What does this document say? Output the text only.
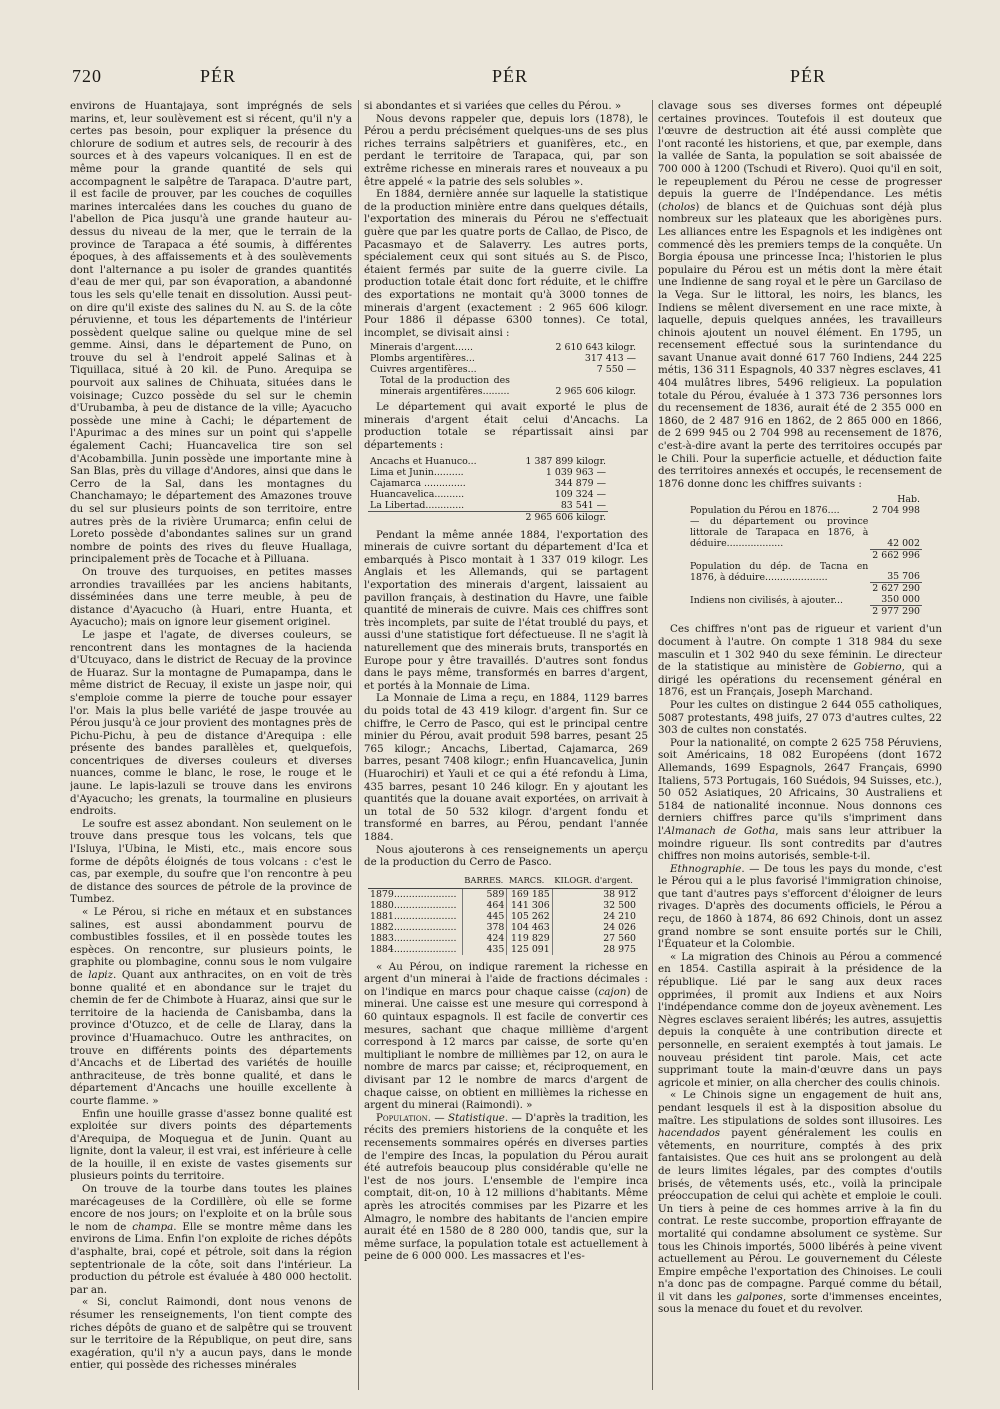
720	PÉR	PÉR	PÉR

environs de Huantajaya, sont imprégnés de sels marins, et, leur soulèvement est si récent, qu'il n'y a certes pas besoin, pour expliquer la présence du chlorure de sodium et autres sels, de recourir à des sources et à des vapeurs volcaniques. Il en est de même pour la grande quantité de sels qui accompagnent le salpêtre de Tarapaca. D'autre part, il est facile de prouver, par les couches de coquilles marines intercalées dans les couches du guano de l'abellon de Pica jusqu'à une grande hauteur au-dessus du niveau de la mer, que le terrain de la province de Tarapaca a été soumis, à différentes époques, à des affaissements et à des soulèvements dont l'alternance a pu isoler de grandes quantités d'eau de mer qui, par son évaporation, a abandonné tous les sels qu'elle tenait en dissolution. Aussi peut-on dire qu'il existe des salines du N. au S. de la côte péruvienne, et tous les départements de l'intérieur possèdent quelque saline ou quelque mine de sel gemme. Ainsi, dans le département de Puno, on trouve du sel à l'endroit appelé Salinas et à Tiquillaca, situé à 20 kil. de Puno. Arequipa se pourvoit aux salines de Chihuata, situées dans le voisinage; Cuzco possède du sel sur le chemin d'Urubamba, à peu de distance de la ville; Ayacucho possède une mine à Cachi; le département de l'Apurimac a des mines sur un point qui s'appelle également Cachi; Huancavelica tire son sel d'Acobambilla. Junin possède une importante mine à San Blas, près du village d'Andores, ainsi que dans le Cerro de la Sal, dans les montagnes du Chanchamayo; le département des Amazones trouve du sel sur plusieurs points de son territoire, entre autres près de la rivière Urumarca; enfin celui de Loreto possède d'abondantes salines sur un grand nombre de points des rives du fleuve Huallaga, principalement près de Tocache et à Pilluana.

On trouve des turquoises, en petites masses arrondies travaillées par les anciens habitants, disséminées dans une terre meuble, à peu de distance d'Ayacucho (à Huari, entre Huanta, et Ayacucho); mais on ignore leur gisement originel.

Le jaspe et l'agate, de diverses couleurs, se rencontrent dans les montagnes de la hacienda d'Utcuyaco, dans le district de Recuay de la province de Huaraz. Sur la montagne de Pumapampa, dans le même district de Recuay, il existe un jaspe noir, qui s'emploie comme la pierre de touche pour essayer l'or. Mais la plus belle variété de jaspe trouvée au Pérou jusqu'à ce jour provient des montagnes près de Pichu-Pichu, à peu de distance d'Arequipa : elle présente des bandes parallèles et, quelquefois, concentriques de diverses couleurs et diverses nuances, comme le blanc, le rose, le rouge et le jaune. Le lapis-lazuli se trouve dans les environs d'Ayacucho; les grenats, la tourmaline en plusieurs endroits.

Le soufre est assez abondant. Non seulement on le trouve dans presque tous les volcans, tels que l'Isluya, l'Ubina, le Misti, etc., mais encore sous forme de dépôts éloignés de tous volcans : c'est le cas, par exemple, du soufre que l'on rencontre à peu de distance des sources de pétrole de la province de Tumbez.

« Le Pérou, si riche en métaux et en substances salines, est aussi abondamment pourvu de combustibles fossiles, et il en possède toutes les espèces. On rencontre, sur plusieurs points, le graphite ou plombagine, connu sous le nom vulgaire de lapiz. Quant aux anthracites, on en voit de très bonne qualité et en abondance sur le trajet du chemin de fer de Chimbote à Huaraz, ainsi que sur le territoire de la hacienda de Canisbamba, dans la province d'Otuzco, et de celle de Llaray, dans la province d'Huamachuco. Outre les anthracites, on trouve en différents points des départements d'Ancachs et de Libertad des variétés de houille anthraciteuse, de très bonne qualité, et dans le département d'Ancachs une houille excellente à courte flamme. »

Enfin une houille grasse d'assez bonne qualité est exploitée sur divers points des départements d'Arequipa, de Moquegua et de Junin. Quant au lignite, dont la valeur, il est vrai, est inférieure à celle de la houille, il en existe de vastes gisements sur plusieurs points du territoire.

On trouve de la tourbe dans toutes les plaines marécageuses de la Cordillère, où elle se forme encore de nos jours; on l'exploite et on la brûle sous le nom de champa. Elle se montre même dans les environs de Lima. Enfin l'on exploite de riches dépôts d'asphalte, brai, copé et pétrole, soit dans la région septentrionale de la côte, soit dans l'intérieur. La production du pétrole est évaluée à 480 000 hectolit. par an.

« Si, conclut Raimondi, dont nous venons de résumer les renseignements, l'on tient compte des riches dépôts de guano et de salpêtre qui se trouvent sur le territoire de la République, on peut dire, sans exagération, qu'il n'y a aucun pays, dans le monde entier, qui possède des richesses minérales

si abondantes et si variées que celles du Pérou. »

Nous devons rappeler que, depuis lors (1878), le Pérou a perdu précisément quelques-uns de ses plus riches terrains salpêtriers et guanifères, etc., en perdant le territoire de Tarapaca, qui, par son extrême richesse en minerais rares et nouveaux a pu être appelé « la patrie des sels solubles ».

En 1884, dernière année sur laquelle la statistique de la production minière entre dans quelques détails, l'exportation des minerais du Pérou ne s'effectuait guère que par les quatre ports de Callao, de Pisco, de Pacasmayo et de Salaverry. Les autres ports, spécialement ceux qui sont situés au S. de Pisco, étaient fermés par suite de la guerre civile. La production totale était donc fort réduite, et le chiffre des exportations ne montait qu'à 3000 tonnes de minerais d'argent (exactement : 2 965 606 kilogr. Pour 1886 il dépasse 6300 tonnes). Ce total, incomplet, se divisait ainsi :

Minerais d'argent......	2 610 643 kilogr.
Plombs argentifères...	317 413 —
Cuivres argentifères...	7 550 —
Total de la production des minerais argentifères.........	2 965 606 kilogr.

Le département qui avait exporté le plus de minerais d'argent était celui d'Ancachs. La production totale se répartissait ainsi par départements :

Ancachs et Huanuco...	1 387 899 kilogr.
Lima et Junin..........	1 039 963 —
Cajamarca ..............	344 879 —
Huancavelica..........	109 324 —
La Libertad.............	83 541 —
	2 965 606 kilogr.

Pendant la même année 1884, l'exportation des minerais de cuivre sortant du département d'Ica et embarqués à Pisco montait à 1 337 019 kilogr. Les Anglais et les Allemands, qui se partagent l'exportation des minerais d'argent, laissaient au pavillon français, à destination du Havre, une faible quantité de minerais de cuivre. Mais ces chiffres sont très incomplets, par suite de l'état troublé du pays, et aussi d'une statistique fort défectueuse. Il ne s'agit là naturellement que des minerais bruts, transportés en Europe pour y être travaillés. D'autres sont fondus dans le pays même, transformés en barres d'argent, et portés à la Monnaie de Lima.

La Monnaie de Lima a reçu, en 1884, 1129 barres du poids total de 43 419 kilogr. d'argent fin. Sur ce chiffre, le Cerro de Pasco, qui est le principal centre minier du Pérou, avait produit 598 barres, pesant 25 765 kilogr.; Ancachs, Libertad, Cajamarca, 269 barres, pesant 7408 kilogr.; enfin Huancavelica, Junin (Huarochiri) et Yauli et ce qui a été refondu à Lima, 435 barres, pesant 10 246 kilogr. En y ajoutant les quantités que la douane avait exportées, on arrivait à un total de 50 532 kilogr. d'argent fondu et transformé en barres, au Pérou, pendant l'année 1884.

Nous ajouterons à ces renseignements un aperçu de la production du Cerro de Pasco.

	BARRES.	MARCS.	KILOGR. d'argent.
1879.....................	589	169 185	38 912
1880.....................	464	141 306	32 500
1881.....................	445	105 262	24 210
1882.....................	378	104 463	24 026
1883.....................	424	119 829	27 560
1884.....................	435	125 091	28 975

« Au Pérou, on indique rarement la richesse en argent d'un minerai à l'aide de fractions décimales : on l'indique en marcs pour chaque caisse (cajon) de minerai. Une caisse est une mesure qui correspond à 60 quintaux espagnols. Il est facile de convertir ces mesures, sachant que chaque millième d'argent correspond à 12 marcs par caisse, de sorte qu'en multipliant le nombre de millièmes par 12, on aura le nombre de marcs par caisse; et, réciproquement, en divisant par 12 le nombre de marcs d'argent de chaque caisse, on obtient en millièmes la richesse en argent du minerai (Raimondi). »

Population. — Statistique. — D'après la tradition, les récits des premiers historiens de la conquête et les recensements sommaires opérés en diverses parties de l'empire des Incas, la population du Pérou aurait été autrefois beaucoup plus considérable qu'elle ne l'est de nos jours. L'ensemble de l'empire inca comptait, dit-on, 10 à 12 millions d'habitants. Même après les atrocités commises par les Pizarre et les Almagro, le nombre des habitants de l'ancien empire aurait été en 1580 de 8 280 000, tandis que, sur la même surface, la population totale est actuellement à peine de 6 000 000. Les massacres et l'es-

clavage sous ses diverses formes ont dépeuplé certaines provinces. Toutefois il est douteux que l'œuvre de destruction ait été aussi complète que l'ont raconté les historiens, et que, par exemple, dans la vallée de Santa, la population se soit abaissée de 700 000 à 1200 (Tschudi et Rivero). Quoi qu'il en soit, le repeuplement du Pérou ne cesse de progresser depuis la guerre de l'Indépendance. Les métis (cholos) de blancs et de Quichuas sont déjà plus nombreux sur les plateaux que les aborigènes purs. Les alliances entre les Espagnols et les indigènes ont commencé dès les premiers temps de la conquête. Un Borgia épousa une princesse Inca; l'historien le plus populaire du Pérou est un métis dont la mère était une Indienne de sang royal et le père un Garcilaso de la Vega. Sur le littoral, les noirs, les blancs, les Indiens se mêlent diversement en une race mixte, à laquelle, depuis quelques années, les travailleurs chinois ajoutent un nouvel élément. En 1795, un recensement effectué sous la surintendance du savant Unanue avait donné 617 760 Indiens, 244 225 métis, 136 311 Espagnols, 40 337 nègres esclaves, 41 404 mulâtres libres, 5496 religieux. La population totale du Pérou, évaluée à 1 373 736 personnes lors du recensement de 1836, aurait été de 2 355 000 en 1860, de 2 487 916 en 1862, de 2 865 000 en 1866, de 2 699 945 ou 2 704 998 au recensement de 1876, c'est-à-dire avant la perte des territoires occupés par le Chili. Pour la superficie actuelle, et déduction faite des territoires annexés et occupés, le recensement de 1876 donne donc les chiffres suivants :

	Hab.
Population du Pérou en 1876....	2 704 998
— du département ou province littorale de Tarapaca en 1876, à déduire...................	42 002
	2 662 996
Population du dép. de Tacna en 1876, à déduire.....................	35 706
	2 627 290
Indiens non civilisés, à ajouter...	350 000
	2 977 290

Ces chiffres n'ont pas de rigueur et varient d'un document à l'autre. On compte 1 318 984 du sexe masculin et 1 302 940 du sexe féminin. Le directeur de la statistique au ministère de Gobierno, qui a dirigé les opérations du recensement général en 1876, est un Français, Joseph Marchand.

Pour les cultes on distingue 2 644 055 catholiques, 5087 protestants, 498 juifs, 27 073 d'autres cultes, 22 303 de cultes non constatés.

Pour la nationalité, on compte 2 625 758 Péruviens, soit Américains, 18 082 Européens (dont 1672 Allemands, 1699 Espagnols, 2647 Français, 6990 Italiens, 573 Portugais, 160 Suédois, 94 Suisses, etc.), 50 052 Asiatiques, 20 Africains, 30 Australiens et 5184 de nationalité inconnue. Nous donnons ces derniers chiffres parce qu'ils s'impriment dans l'Almanach de Gotha, mais sans leur attribuer la moindre rigueur. Ils sont contredits par d'autres chiffres non moins autorisés, semble-t-il.

Ethnographie. — De tous les pays du monde, c'est le Pérou qui a le plus favorisé l'immigration chinoise, que tant d'autres pays s'efforcent d'éloigner de leurs rivages. D'après des documents officiels, le Pérou a reçu, de 1860 à 1874, 86 692 Chinois, dont un assez grand nombre se sont ensuite portés sur le Chili, l'Équateur et la Colombie.

« La migration des Chinois au Pérou a commencé en 1854. Castilla aspirait à la présidence de la république. Lié par le sang aux deux races opprimées, il promit aux Indiens et aux Noirs l'indépendance comme don de joyeux avènement. Les Nègres esclaves seraient libérés; les autres, assujettis depuis la conquête à une contribution directe et personnelle, en seraient exemptés à tout jamais. Le nouveau président tint parole. Mais, cet acte supprimant toute la main-d'œuvre dans un pays agricole et minier, on alla chercher des coulis chinois.

« Le Chinois signe un engagement de huit ans, pendant lesquels il est à la disposition absolue du maître. Les stipulations de soldes sont illusoires. Les hacendados payent généralement les coulis en vêtements, en nourriture, comptés à des prix fantaisistes. Que ces huit ans se prolongent au delà de leurs limites légales, par des comptes d'outils brisés, de vêtements usés, etc., voilà la principale préoccupation de celui qui achète et emploie le couli. Un tiers à peine de ces hommes arrive à la fin du contrat. Le reste succombe, proportion effrayante de mortalité qui condamne absolument ce système. Sur tous les Chinois importés, 5000 libérés à peine vivent actuellement au Pérou. Le gouvernement du Céleste Empire empêche l'exportation des Chinoises. Le couli n'a donc pas de compagne. Parqué comme du bétail, il vit dans les galpones, sorte d'immenses enceintes, sous la menace du fouet et du revolver.
